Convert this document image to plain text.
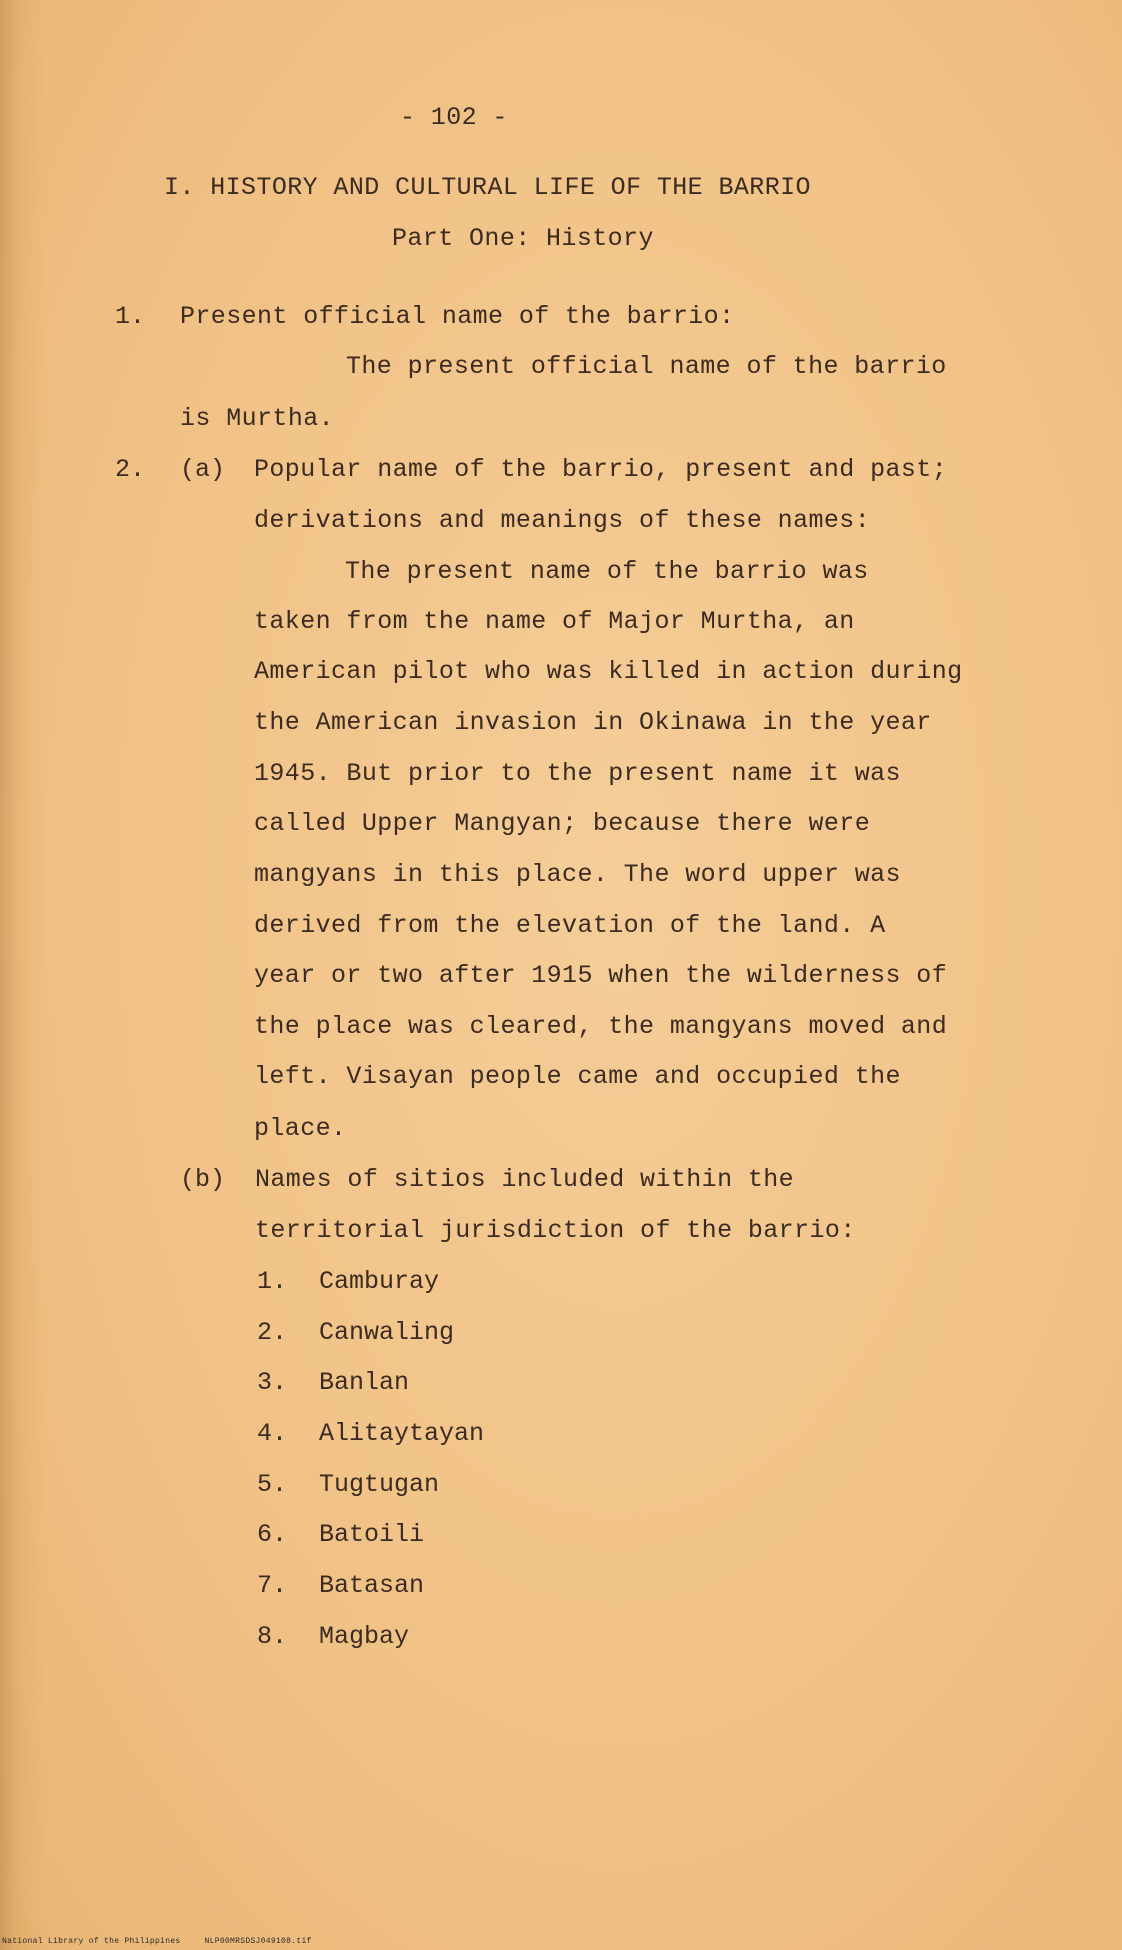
- 102 -
I. HISTORY AND CULTURAL LIFE OF THE BARRIO
Part One: History
1. Present official name of the barrio:
The present official name of the barrio
is Murtha.
2. (a) Popular name of the barrio, present and past;
derivations and meanings of these names:
The present name of the barrio was
taken from the name of Major Murtha, an
American pilot who was killed in action during
the American invasion in Okinawa in the year
1945. But prior to the present name it was
called Upper Mangyan; because there were
mangyans in this place. The word upper was
derived from the elevation of the land. A
year or two after 1915 when the wilderness of
the place was cleared, the mangyans moved and
left. Visayan people came and occupied the
place.
(b) Names of sitios included within the
territorial jurisdiction of the barrio:
1. Camburay
2. Canwaling
3. Banlan
4. Alitaytayan
5. Tugtugan
6. Batoili
7. Batasan
8. Magbay
National Library of the Philippines	NLP00MRSDSJ049108.tif
